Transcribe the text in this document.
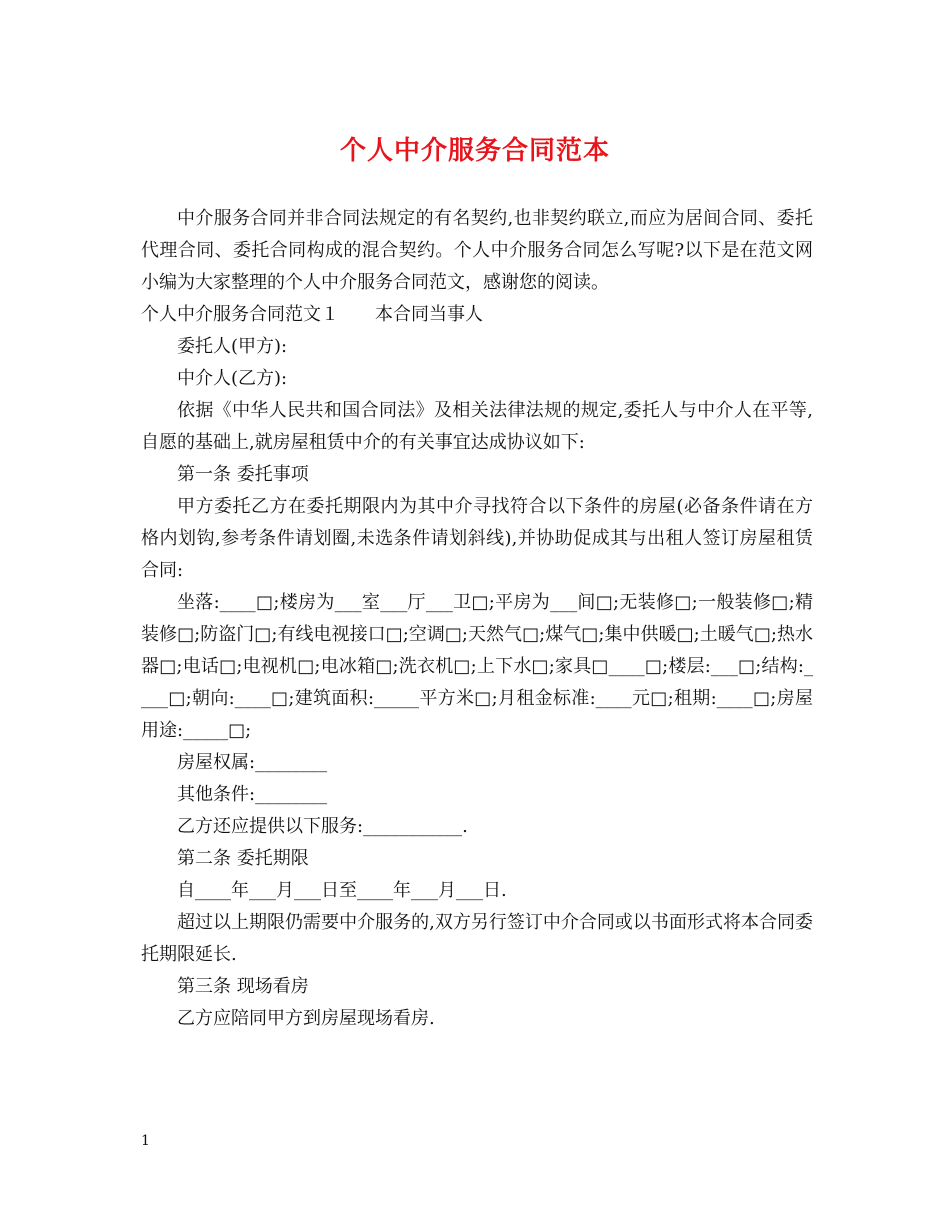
个人中介服务合同范本

中介服务合同并非合同法规定的有名契约,也非契约联立,而应为居间合同、委托代理合同、委托合同构成的混合契约。个人中介服务合同怎么写呢?以下是在范文网小编为大家整理的个人中介服务合同范文，感谢您的阅读。

个人中介服务合同范文１ 本合同当事人

委托人(甲方):

中介人(乙方):

依据《中华人民共和国合同法》及相关法律法规的规定,委托人与中介人在平等,自愿的基础上,就房屋租赁中介的有关事宜达成协议如下:

第一条 委托事项

甲方委托乙方在委托期限内为其中介寻找符合以下条件的房屋(必备条件请在方格内划钩,参考条件请划圈,未选条件请划斜线),并协助促成其与出租人签订房屋租赁合同:

坐落:____□;楼房为___室___厅___卫□;平房为___间□;无装修□;一般装修□;精装修□;防盗门□;有线电视接口□;空调□;天然气□;煤气□;集中供暖□;土暖气□;热水器□;电话□;电视机□;电冰箱□;洗衣机□;上下水□;家具□____□;楼层:___□;结构:____□;朝向:____□;建筑面积:_____平方米□;月租金标准:____元□;租期:____□;房屋用途:_____□;

房屋权属:________

其他条件:________

乙方还应提供以下服务:___________.

第二条 委托期限

自____年___月___日至____年___月___日.

超过以上期限仍需要中介服务的,双方另行签订中介合同或以书面形式将本合同委托期限延长.

第三条 现场看房

乙方应陪同甲方到房屋现场看房.

1
